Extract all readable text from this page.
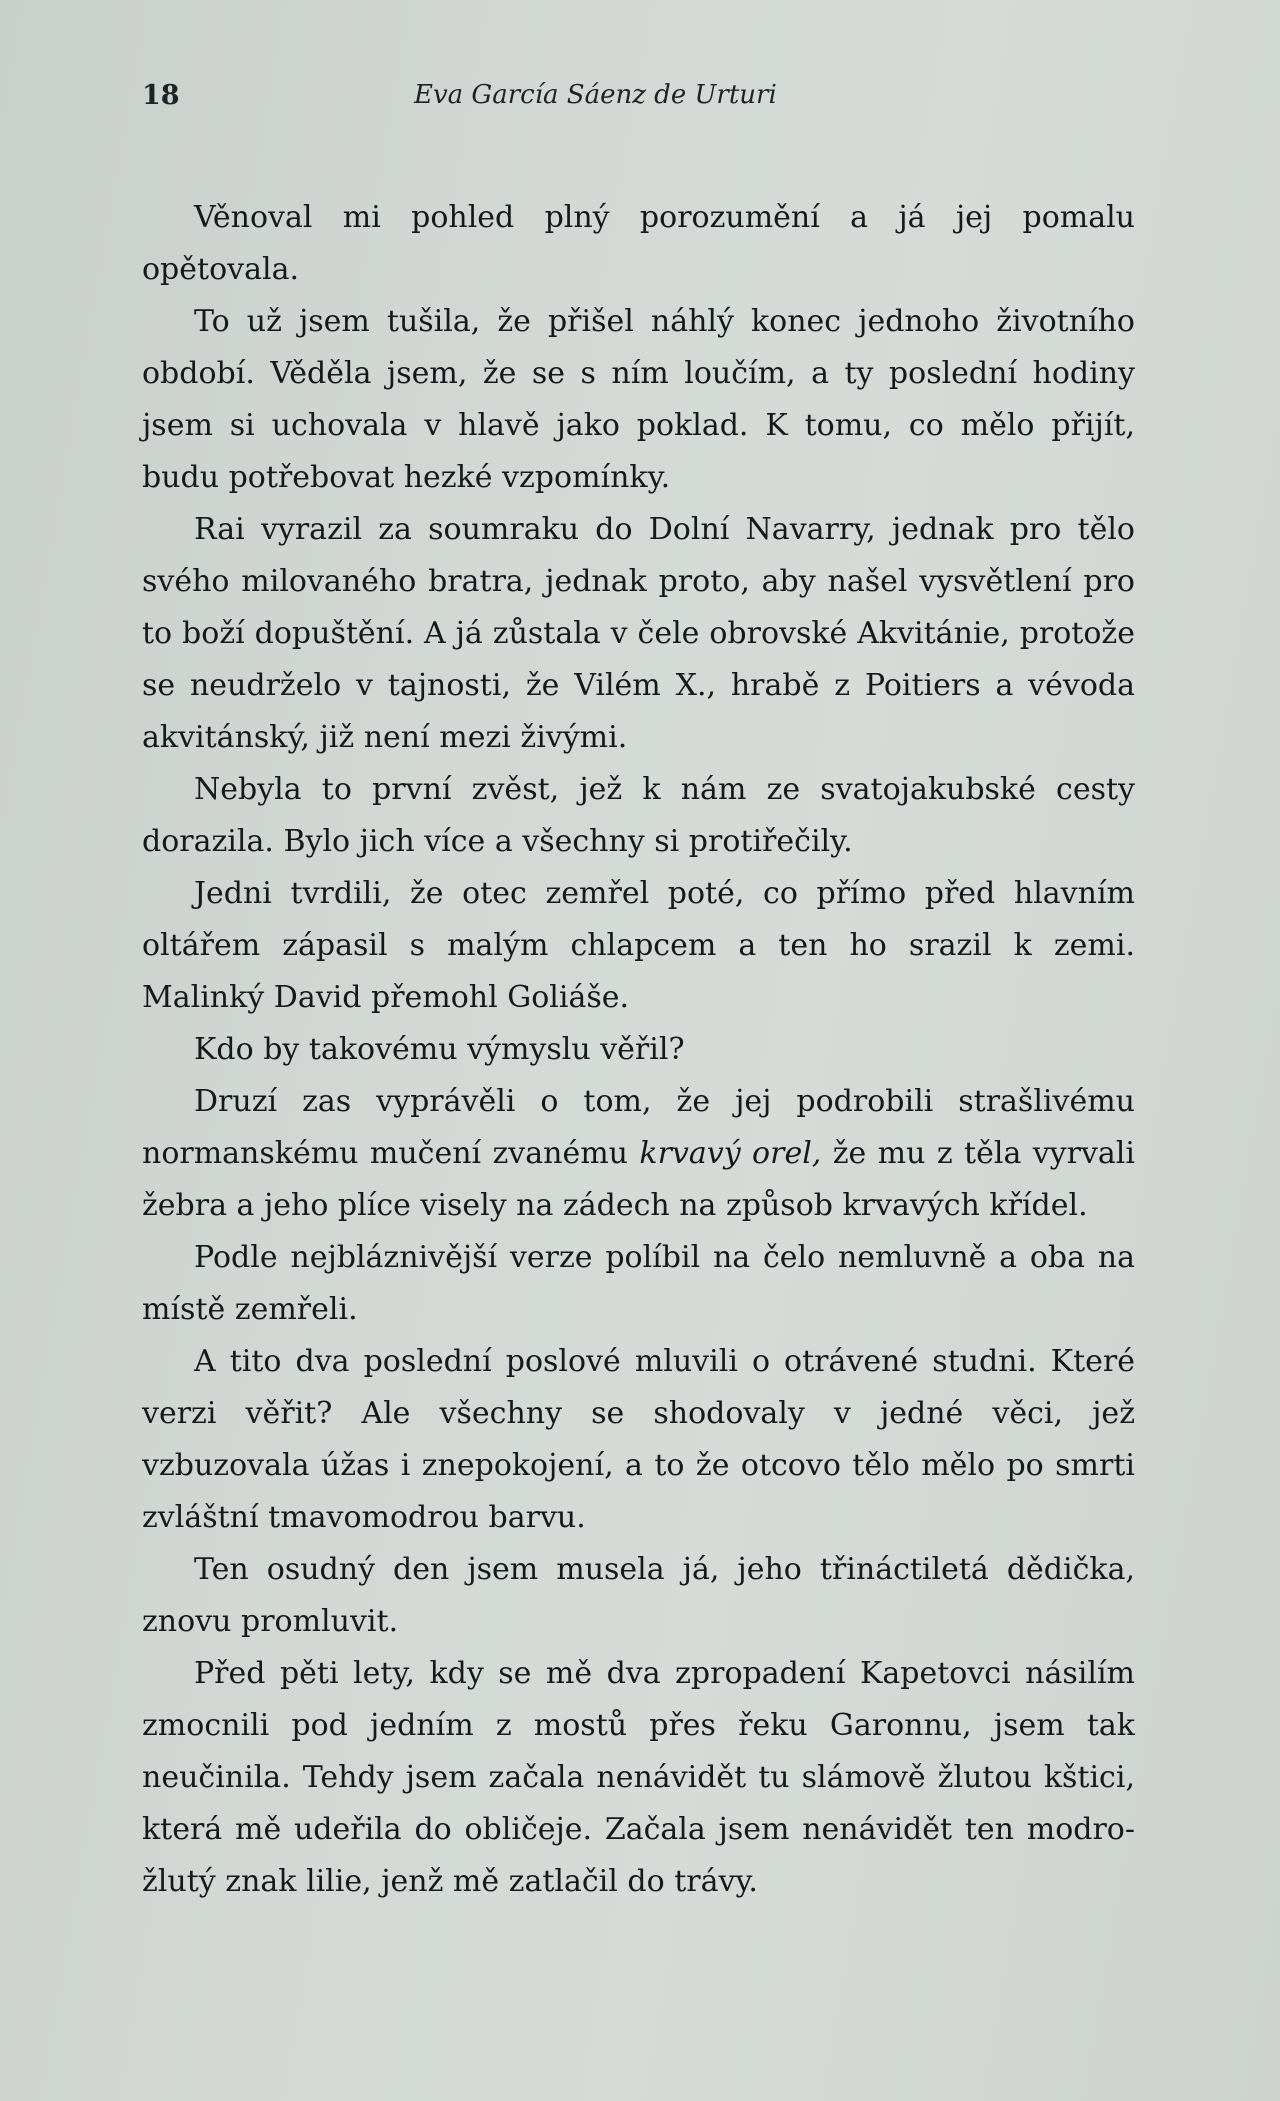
18	Eva García Sáenz de Urturi

Věnoval mi pohled plný porozumění a já jej pomalu opětovala.

To už jsem tušila, že přišel náhlý konec jednoho životního období. Věděla jsem, že se s ním loučím, a ty poslední hodiny jsem si uchovala v hlavě jako poklad. K tomu, co mělo přijít, budu potřebovat hezké vzpomínky.

Rai vyrazil za soumraku do Dolní Navarry, jednak pro tělo svého milovaného bratra, jednak proto, aby našel vysvětlení pro to boží dopuštění. A já zůstala v čele obrovské Akvitánie, protože se neudrželo v tajnosti, že Vilém X., hrabě z Poitiers a vévoda akvitánský, již není mezi živými.

Nebyla to první zvěst, jež k nám ze svatojakubské cesty dorazila. Bylo jich více a všechny si protiřečily.

Jedni tvrdili, že otec zemřel poté, co přímo před hlavním oltářem zápasil s malým chlapcem a ten ho srazil k zemi. Malinký David přemohl Goliáše.

Kdo by takovému výmyslu věřil?

Druzí zas vyprávěli o tom, že jej podrobili strašlivému normanskému mučení zvanému krvavý orel, že mu z těla vyrvali žebra a jeho plíce visely na zádech na způsob krvavých křídel.

Podle nejbláznivější verze políbil na čelo nemluvně a oba na místě zemřeli.

A tito dva poslední poslové mluvili o otrávené studni. Které verzi věřit? Ale všechny se shodovaly v jedné věci, jež vzbuzovala úžas i znepokojení, a to že otcovo tělo mělo po smrti zvláštní tmavomodrou barvu.

Ten osudný den jsem musela já, jeho třináctiletá dědička, znovu promluvit.

Před pěti lety, kdy se mě dva zpropadení Kapetovci násilím zmocnili pod jedním z mostů přes řeku Garonnu, jsem tak neučinila. Tehdy jsem začala nenávidět tu slámově žlutou kštici, která mě udeřila do obličeje. Začala jsem nenávidět ten modro-žlutý znak lilie, jenž mě zatlačil do trávy.
